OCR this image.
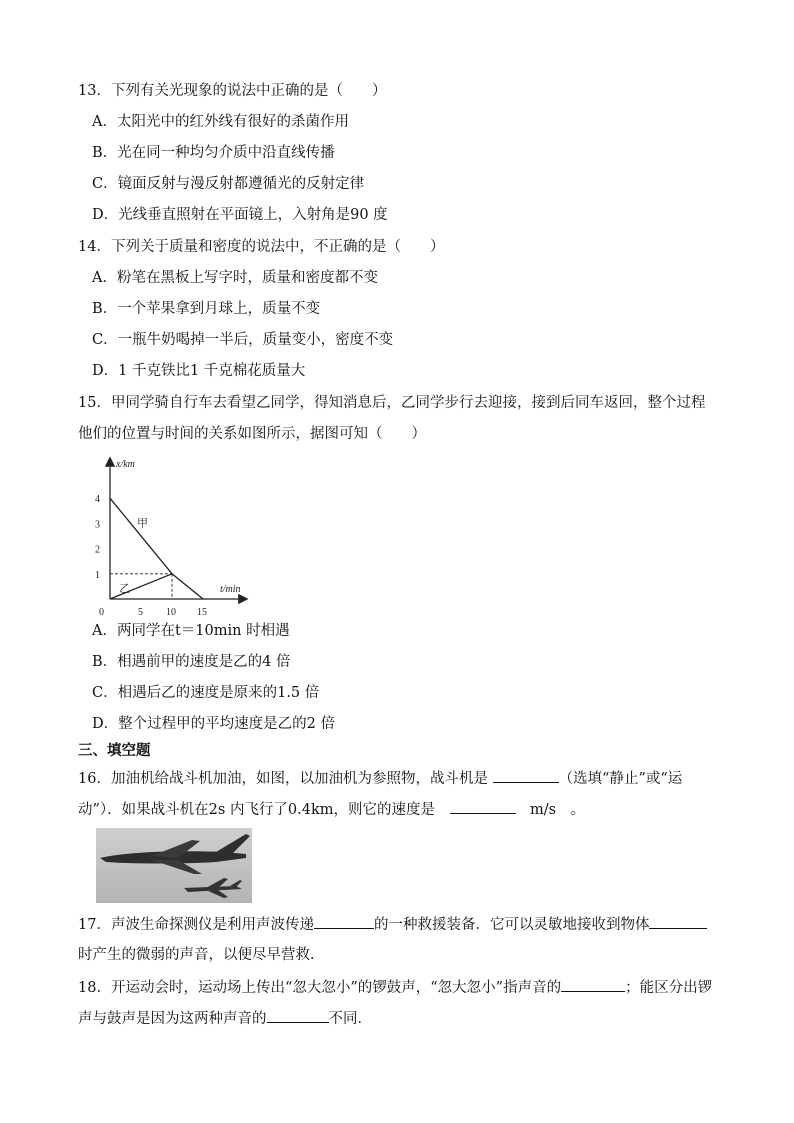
13．下列有关光现象的说法中正确的是（　　）
A．太阳光中的红外线有很好的杀菌作用
B．光在同一种均匀介质中沿直线传播
C．镜面反射与漫反射都遵循光的反射定律
D．光线垂直照射在平面镜上，入射角是90 度
14．下列关于质量和密度的说法中，不正确的是（　　）
A．粉笔在黑板上写字时，质量和密度都不变
B．一个苹果拿到月球上，质量不变
C．一瓶牛奶喝掉一半后，质量变小，密度不变
D．1 千克铁比1 千克棉花质量大
15．甲同学骑自行车去看望乙同学，得知消息后，乙同学步行去迎接，接到后同车返回，整个过程
他们的位置与时间的关系如图所示，据图可知（　　）
x/km
t/min
0	5 10 15
1
2
3
4
甲
乙
A．两同学在t＝10min 时相遇
B．相遇前甲的速度是乙的4 倍
C．相遇后乙的速度是原来的1.5 倍
D．整个过程甲的平均速度是乙的2 倍
三、填空题
16．加油机给战斗机加油，如图，以加油机为参照物，战斗机是	（选填“静止”或“运
动”）．如果战斗机在2s 内飞行了0.4km，则它的速度是　	　m/s　。
17．声波生命探测仪是利用声波传递	的一种救援装备．它可以灵敏地接收到物体
时产生的微弱的声音，以便尽早营救．
18．开运动会时，运动场上传出“忽大忽小”的锣鼓声，“忽大忽小”指声音的	；能区分出锣
声与鼓声是因为这两种声音的	不同．
